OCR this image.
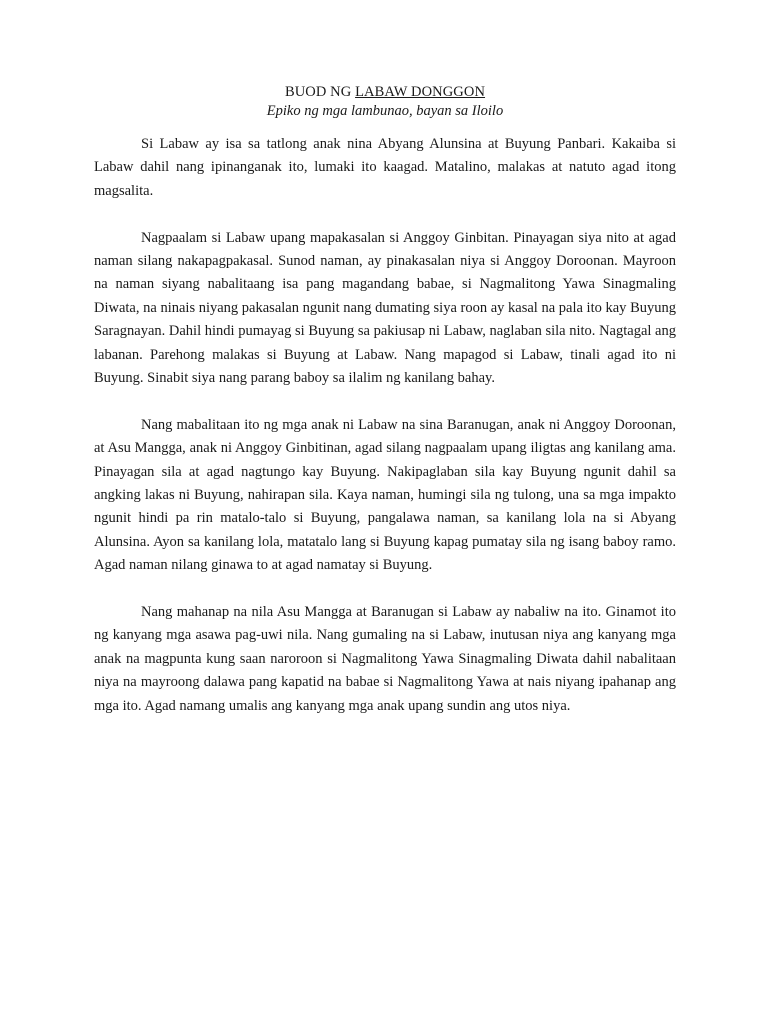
BUOD NG LABAW DONGGON
Epiko ng mga lambunao, bayan sa Iloilo

Si Labaw ay isa sa tatlong anak nina Abyang Alunsina at Buyung Panbari. Kakaiba si Labaw dahil nang ipinanganak ito, lumaki ito kaagad. Matalino, malakas at natuto agad itong magsalita.

Nagpaalam si Labaw upang mapakasalan si Anggoy Ginbitan. Pinayagan siya nito at agad naman silang nakapagpakasal. Sunod naman, ay pinakasalan niya si Anggoy Doroonan. Mayroon na naman siyang nabalitaang isa pang magandang babae, si Nagmalitong Yawa Sinagmaling Diwata, na ninais niyang pakasalan ngunit nang dumating siya roon ay kasal na pala ito kay Buyung Saragnayan. Dahil hindi pumayag si Buyung sa pakiusap ni Labaw, naglaban sila nito. Nagtagal ang labanan. Parehong malakas si Buyung at Labaw. Nang mapagod si Labaw, tinali agad ito ni Buyung. Sinabit siya nang parang baboy sa ilalim ng kanilang bahay.

Nang mabalitaan ito ng mga anak ni Labaw na sina Baranugan, anak ni Anggoy Doroonan, at Asu Mangga, anak ni Anggoy Ginbitinan, agad silang nagpaalam upang iligtas ang kanilang ama. Pinayagan sila at agad nagtungo kay Buyung. Nakipaglaban sila kay Buyung ngunit dahil sa angking lakas ni Buyung, nahirapan sila. Kaya naman, humingi sila ng tulong, una sa mga impakto ngunit hindi pa rin matalo-talo si Buyung, pangalawa naman, sa kanilang lola na si Abyang Alunsina. Ayon sa kanilang lola, matatalo lang si Buyung kapag pumatay sila ng isang baboy ramo. Agad naman nilang ginawa to at agad namatay si Buyung.

Nang mahanap na nila Asu Mangga at Baranugan si Labaw ay nabaliw na ito. Ginamot ito ng kanyang mga asawa pag-uwi nila. Nang gumaling na si Labaw, inutusan niya ang kanyang mga anak na magpunta kung saan naroroon si Nagmalitong Yawa Sinagmaling Diwata dahil nabalitaan niya na mayroong dalawa pang kapatid na babae si Nagmalitong Yawa at nais niyang ipahanap ang mga ito. Agad namang umalis ang kanyang mga anak upang sundin ang utos niya.
